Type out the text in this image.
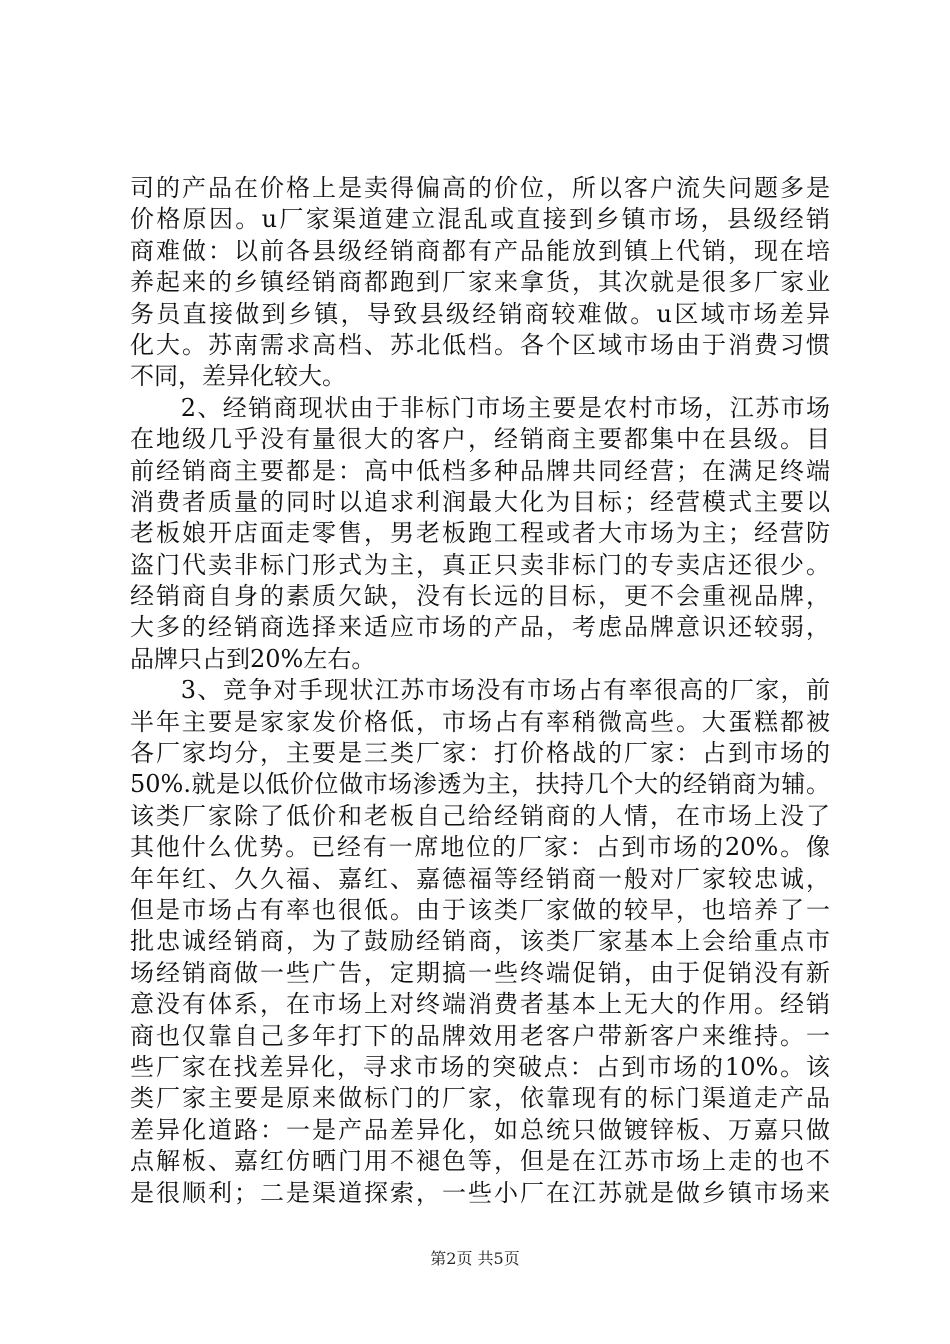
司的产品在价格上是卖得偏高的价位，所以客户流失问题多是
价格原因。u厂家渠道建立混乱或直接到乡镇市场，县级经销
商难做：以前各县级经销商都有产品能放到镇上代销，现在培
养起来的乡镇经销商都跑到厂家来拿货，其次就是很多厂家业
务员直接做到乡镇，导致县级经销商较难做。u区域市场差异
化大。苏南需求高档、苏北低档。各个区域市场由于消费习惯
不同，差异化较大。
　　2、经销商现状由于非标门市场主要是农村市场，江苏市场
在地级几乎没有量很大的客户，经销商主要都集中在县级。目
前经销商主要都是：高中低档多种品牌共同经营；在满足终端
消费者质量的同时以追求利润最大化为目标；经营模式主要以
老板娘开店面走零售，男老板跑工程或者大市场为主；经营防
盗门代卖非标门形式为主，真正只卖非标门的专卖店还很少。
经销商自身的素质欠缺，没有长远的目标，更不会重视品牌，
大多的经销商选择来适应市场的产品，考虑品牌意识还较弱，
品牌只占到20%左右。
　　3、竞争对手现状江苏市场没有市场占有率很高的厂家，前
半年主要是家家发价格低，市场占有率稍微高些。大蛋糕都被
各厂家均分，主要是三类厂家：打价格战的厂家：占到市场的
50%.就是以低价位做市场渗透为主，扶持几个大的经销商为辅。
该类厂家除了低价和老板自己给经销商的人情，在市场上没了
其他什么优势。已经有一席地位的厂家：占到市场的20%。像
年年红、久久福、嘉红、嘉德福等经销商一般对厂家较忠诚，
但是市场占有率也很低。由于该类厂家做的较早，也培养了一
批忠诚经销商，为了鼓励经销商，该类厂家基本上会给重点市
场经销商做一些广告，定期搞一些终端促销，由于促销没有新
意没有体系，在市场上对终端消费者基本上无大的作用。经销
商也仅靠自己多年打下的品牌效用老客户带新客户来维持。一
些厂家在找差异化，寻求市场的突破点：占到市场的10%。该
类厂家主要是原来做标门的厂家，依靠现有的标门渠道走产品
差异化道路：一是产品差异化，如总统只做镀锌板、万嘉只做
点解板、嘉红仿晒门用不褪色等，但是在江苏市场上走的也不
是很顺利；二是渠道探索，一些小厂在江苏就是做乡镇市场来
第2页 共5页
